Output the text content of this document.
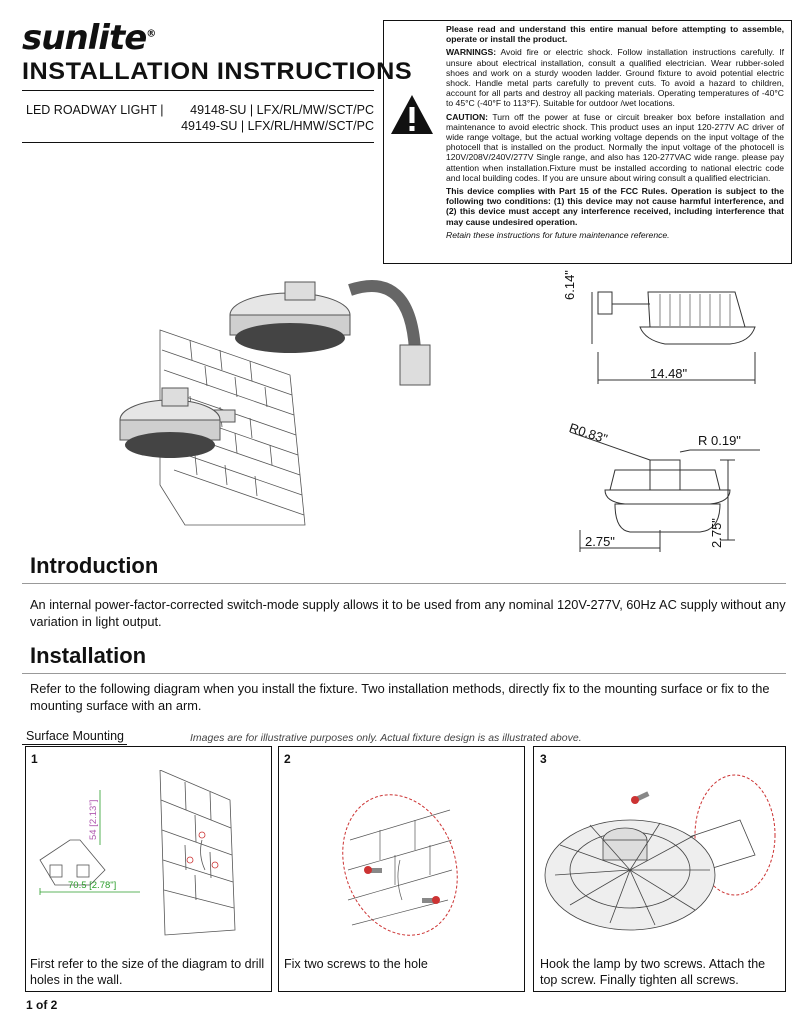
sunlite®
INSTALLATION INSTRUCTIONS
LED ROADWAY LIGHT | 49148-SU | LFX/RL/MW/SCT/PC
49149-SU | LFX/RL/HMW/SCT/PC

Please read and understand this entire manual before attempting to assemble, operate or install the product.

WARNINGS: Avoid fire or electric shock. Follow installation instructions carefully. If unsure about electrical installation, consult a qualified electrician. Wear rubber-soled shoes and work on a sturdy wooden ladder. Ground fixture to avoid potential electric shock. Handle metal parts carefully to prevent cuts. To avoid a hazard to children, account for all parts and destroy all packing materials. Operating temperatures of -40°C to 45°C (-40°F to 113°F). Suitable for outdoor /wet locations.

CAUTION: Turn off the power at fuse or circuit breaker box before installation and maintenance to avoid electric shock. This product uses an input 120-277V AC driver of wide range voltage, but the actual working voltage depends on the input voltage of the photocell that is installed on the product. Normally the input voltage of the photocell is 120V/208V/240V/277V Single range, and also has 120-277VAC wide range. please pay attention when installation.Fixture must be installed according to national electric code and local building codes. If you are unsure about wiring consult a qualified electrician.

This device complies with Part 15 of the FCC Rules. Operation is subject to the following two conditions: (1) this device may not cause harmful interference, and (2) this device must accept any interference received, including interference that may cause undesired operation.

Retain these instructions for future maintenance reference.

6.14"
14.48"
R0.83"	R 0.19"
2.75"	2.75"
Introduction
An internal power-factor-corrected switch-mode supply allows it to be used from any nominal 120V-277V, 60Hz AC supply without any variation in light output.
Installation
Refer to the following diagram when you install the fixture. Two installation methods, directly fix to the mounting surface or fix to the mounting surface with an arm.
Surface Mounting	Images are for illustrative purposes only. Actual fixture design is as illustrated above.
1
54 [2.13"]
70.5 [2.78"]
First refer to the size of the diagram to drill holes in the wall.
2
Fix two screws to the hole
3
Hook the lamp by two screws. Attach the top screw. Finally tighten all screws.
1 of 2
